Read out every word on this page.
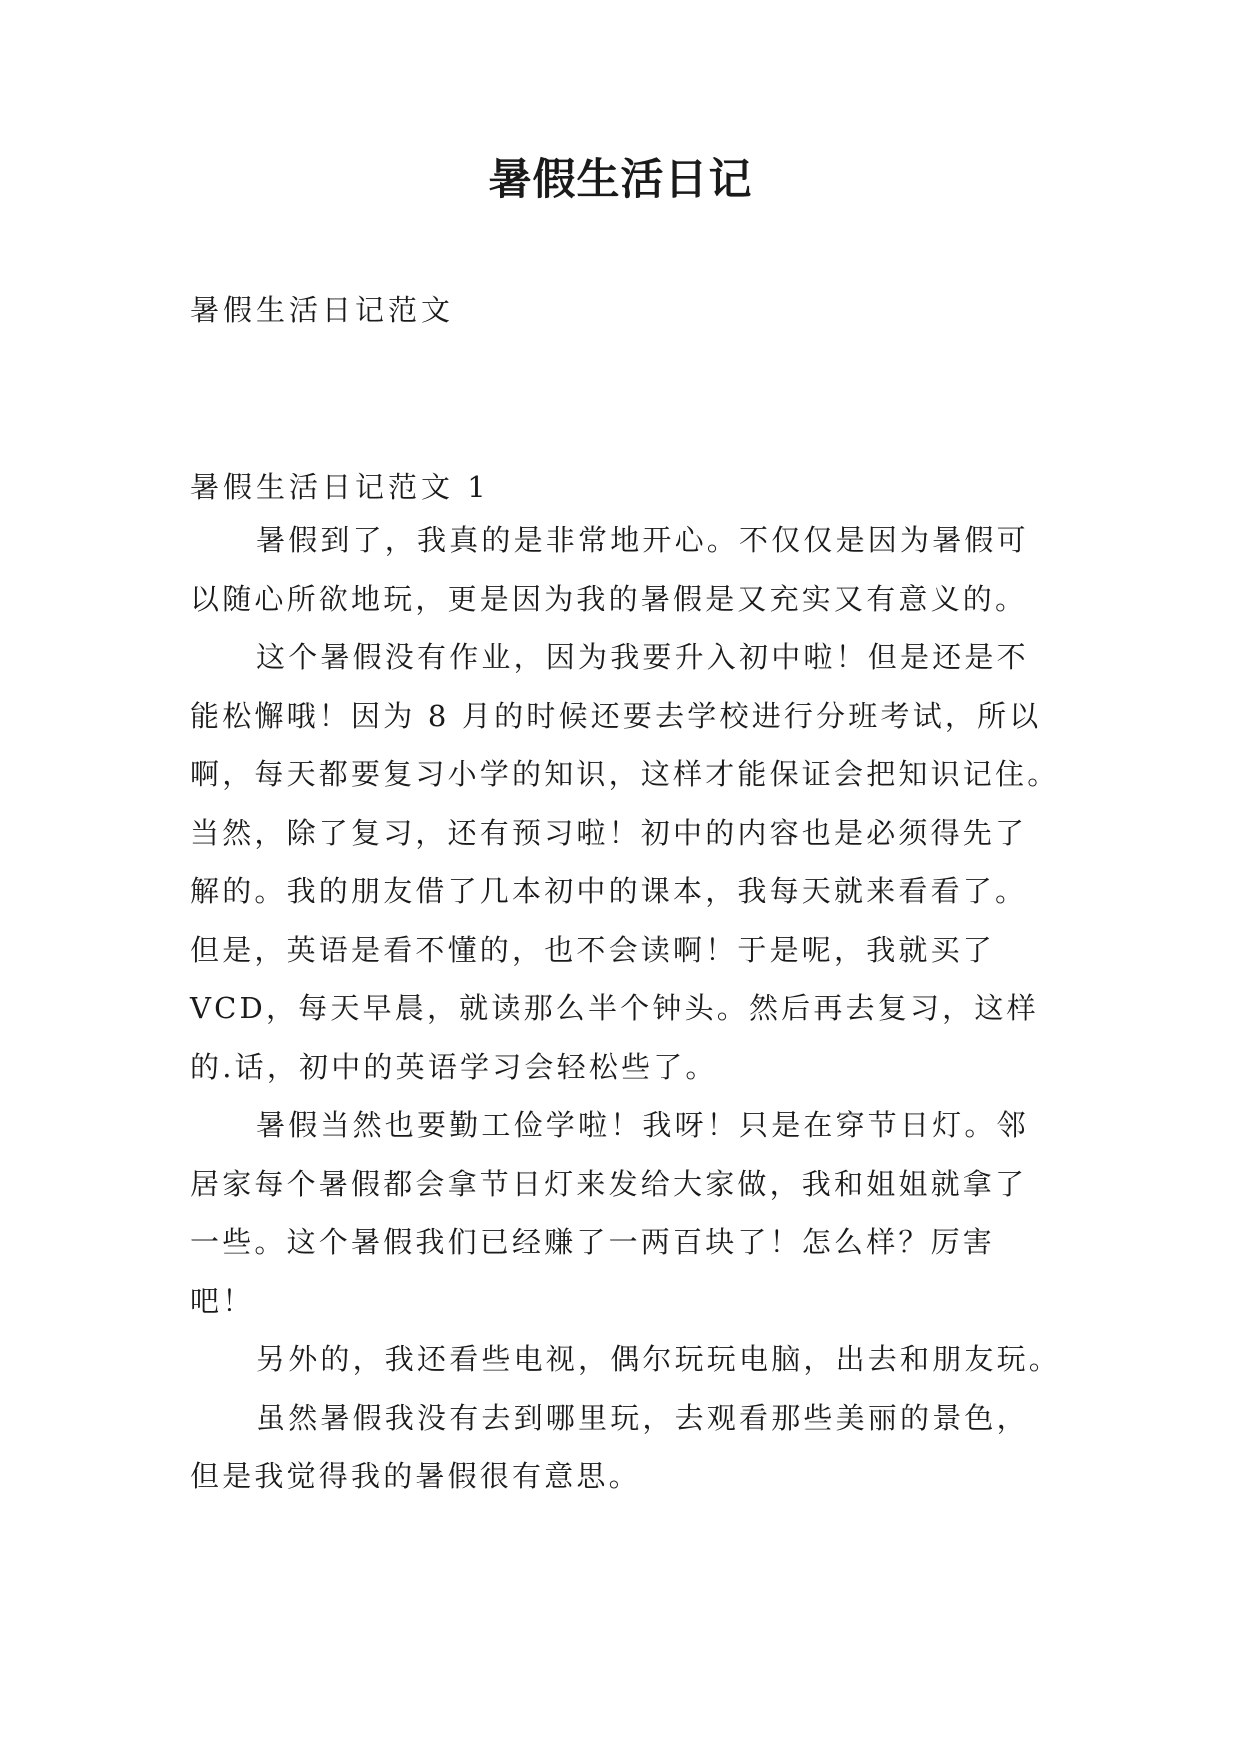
暑假生活日记

暑假生活日记范文

暑假生活日记范文 1

暑假到了，我真的是非常地开心。不仅仅是因为暑假可
以随心所欲地玩，更是因为我的暑假是又充实又有意义的。
这个暑假没有作业，因为我要升入初中啦！但是还是不
能松懈哦！因为 8 月的时候还要去学校进行分班考试，所以
啊，每天都要复习小学的知识，这样才能保证会把知识记住。
当然，除了复习，还有预习啦！初中的内容也是必须得先了
解的。我的朋友借了几本初中的课本，我每天就来看看了。
但是，英语是看不懂的，也不会读啊！于是呢，我就买了
VCD，每天早晨，就读那么半个钟头。然后再去复习，这样
的.话，初中的英语学习会轻松些了。
暑假当然也要勤工俭学啦！我呀！只是在穿节日灯。邻
居家每个暑假都会拿节日灯来发给大家做，我和姐姐就拿了
一些。这个暑假我们已经赚了一两百块了！怎么样？厉害
吧！
另外的，我还看些电视，偶尔玩玩电脑，出去和朋友玩。
虽然暑假我没有去到哪里玩，去观看那些美丽的景色，
但是我觉得我的暑假很有意思。
